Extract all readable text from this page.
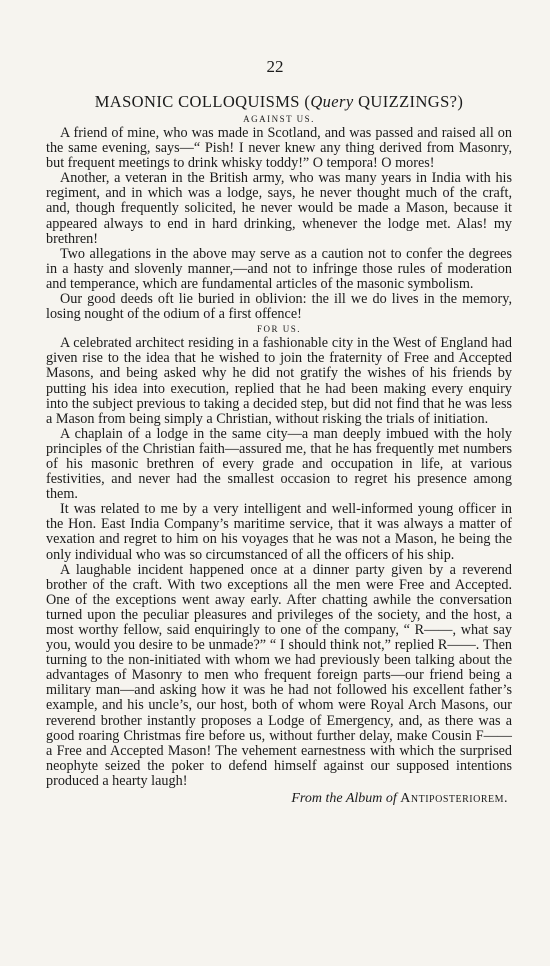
22
MASONIC COLLOQUISMS (Query QUIZZINGS?)
AGAINST US.

A friend of mine, who was made in Scotland, and was passed and raised all on the same evening, says—“ Pish! I never knew any thing derived from Masonry, but frequent meetings to drink whisky toddy!” O tempora! O mores!

Another, a veteran in the British army, who was many years in India with his regiment, and in which was a lodge, says, he never thought much of the craft, and, though frequently solicited, he never would be made a Mason, because it appeared always to end in hard drinking, whenever the lodge met. Alas! my brethren!

Two allegations in the above may serve as a caution not to confer the degrees in a hasty and slovenly manner,—and not to infringe those rules of moderation and temperance, which are fundamental articles of the masonic symbolism.

Our good deeds oft lie buried in oblivion: the ill we do lives in the memory, losing nought of the odium of a first offence!

FOR US.

A celebrated architect residing in a fashionable city in the West of England had given rise to the idea that he wished to join the fraternity of Free and Accepted Masons, and being asked why he did not gratify the wishes of his friends by putting his idea into execution, replied that he had been making every enquiry into the subject previous to taking a decided step, but did not find that he was less a Mason from being simply a Christian, without risking the trials of initiation.

A chaplain of a lodge in the same city—a man deeply imbued with the holy principles of the Christian faith—assured me, that he has frequently met numbers of his masonic brethren of every grade and occupation in life, at various festivities, and never had the smallest occasion to regret his presence among them.

It was related to me by a very intelligent and well-informed young officer in the Hon. East India Company’s maritime service, that it was always a matter of vexation and regret to him on his voyages that he was not a Mason, he being the only individual who was so circumstanced of all the officers of his ship.

A laughable incident happened once at a dinner party given by a reverend brother of the craft. With two exceptions all the men were Free and Accepted. One of the exceptions went away early. After chatting awhile the conversation turned upon the peculiar pleasures and privileges of the society, and the host, a most worthy fellow, said enquiringly to one of the company, “ R——, what say you, would you desire to be unmade?” “ I should think not,” replied R——. Then turning to the non-initiated with whom we had previously been talking about the advantages of Masonry to men who frequent foreign parts—our friend being a military man—and asking how it was he had not followed his excellent father’s example, and his uncle’s, our host, both of whom were Royal Arch Masons, our reverend brother instantly proposes a Lodge of Emergency, and, as there was a good roaring Christmas fire before us, without further delay, make Cousin F—— a Free and Accepted Mason! The vehement earnestness with which the surprised neophyte seized the poker to defend himself against our supposed intentions produced a hearty laugh!

From the Album of Antiposteriorem.
